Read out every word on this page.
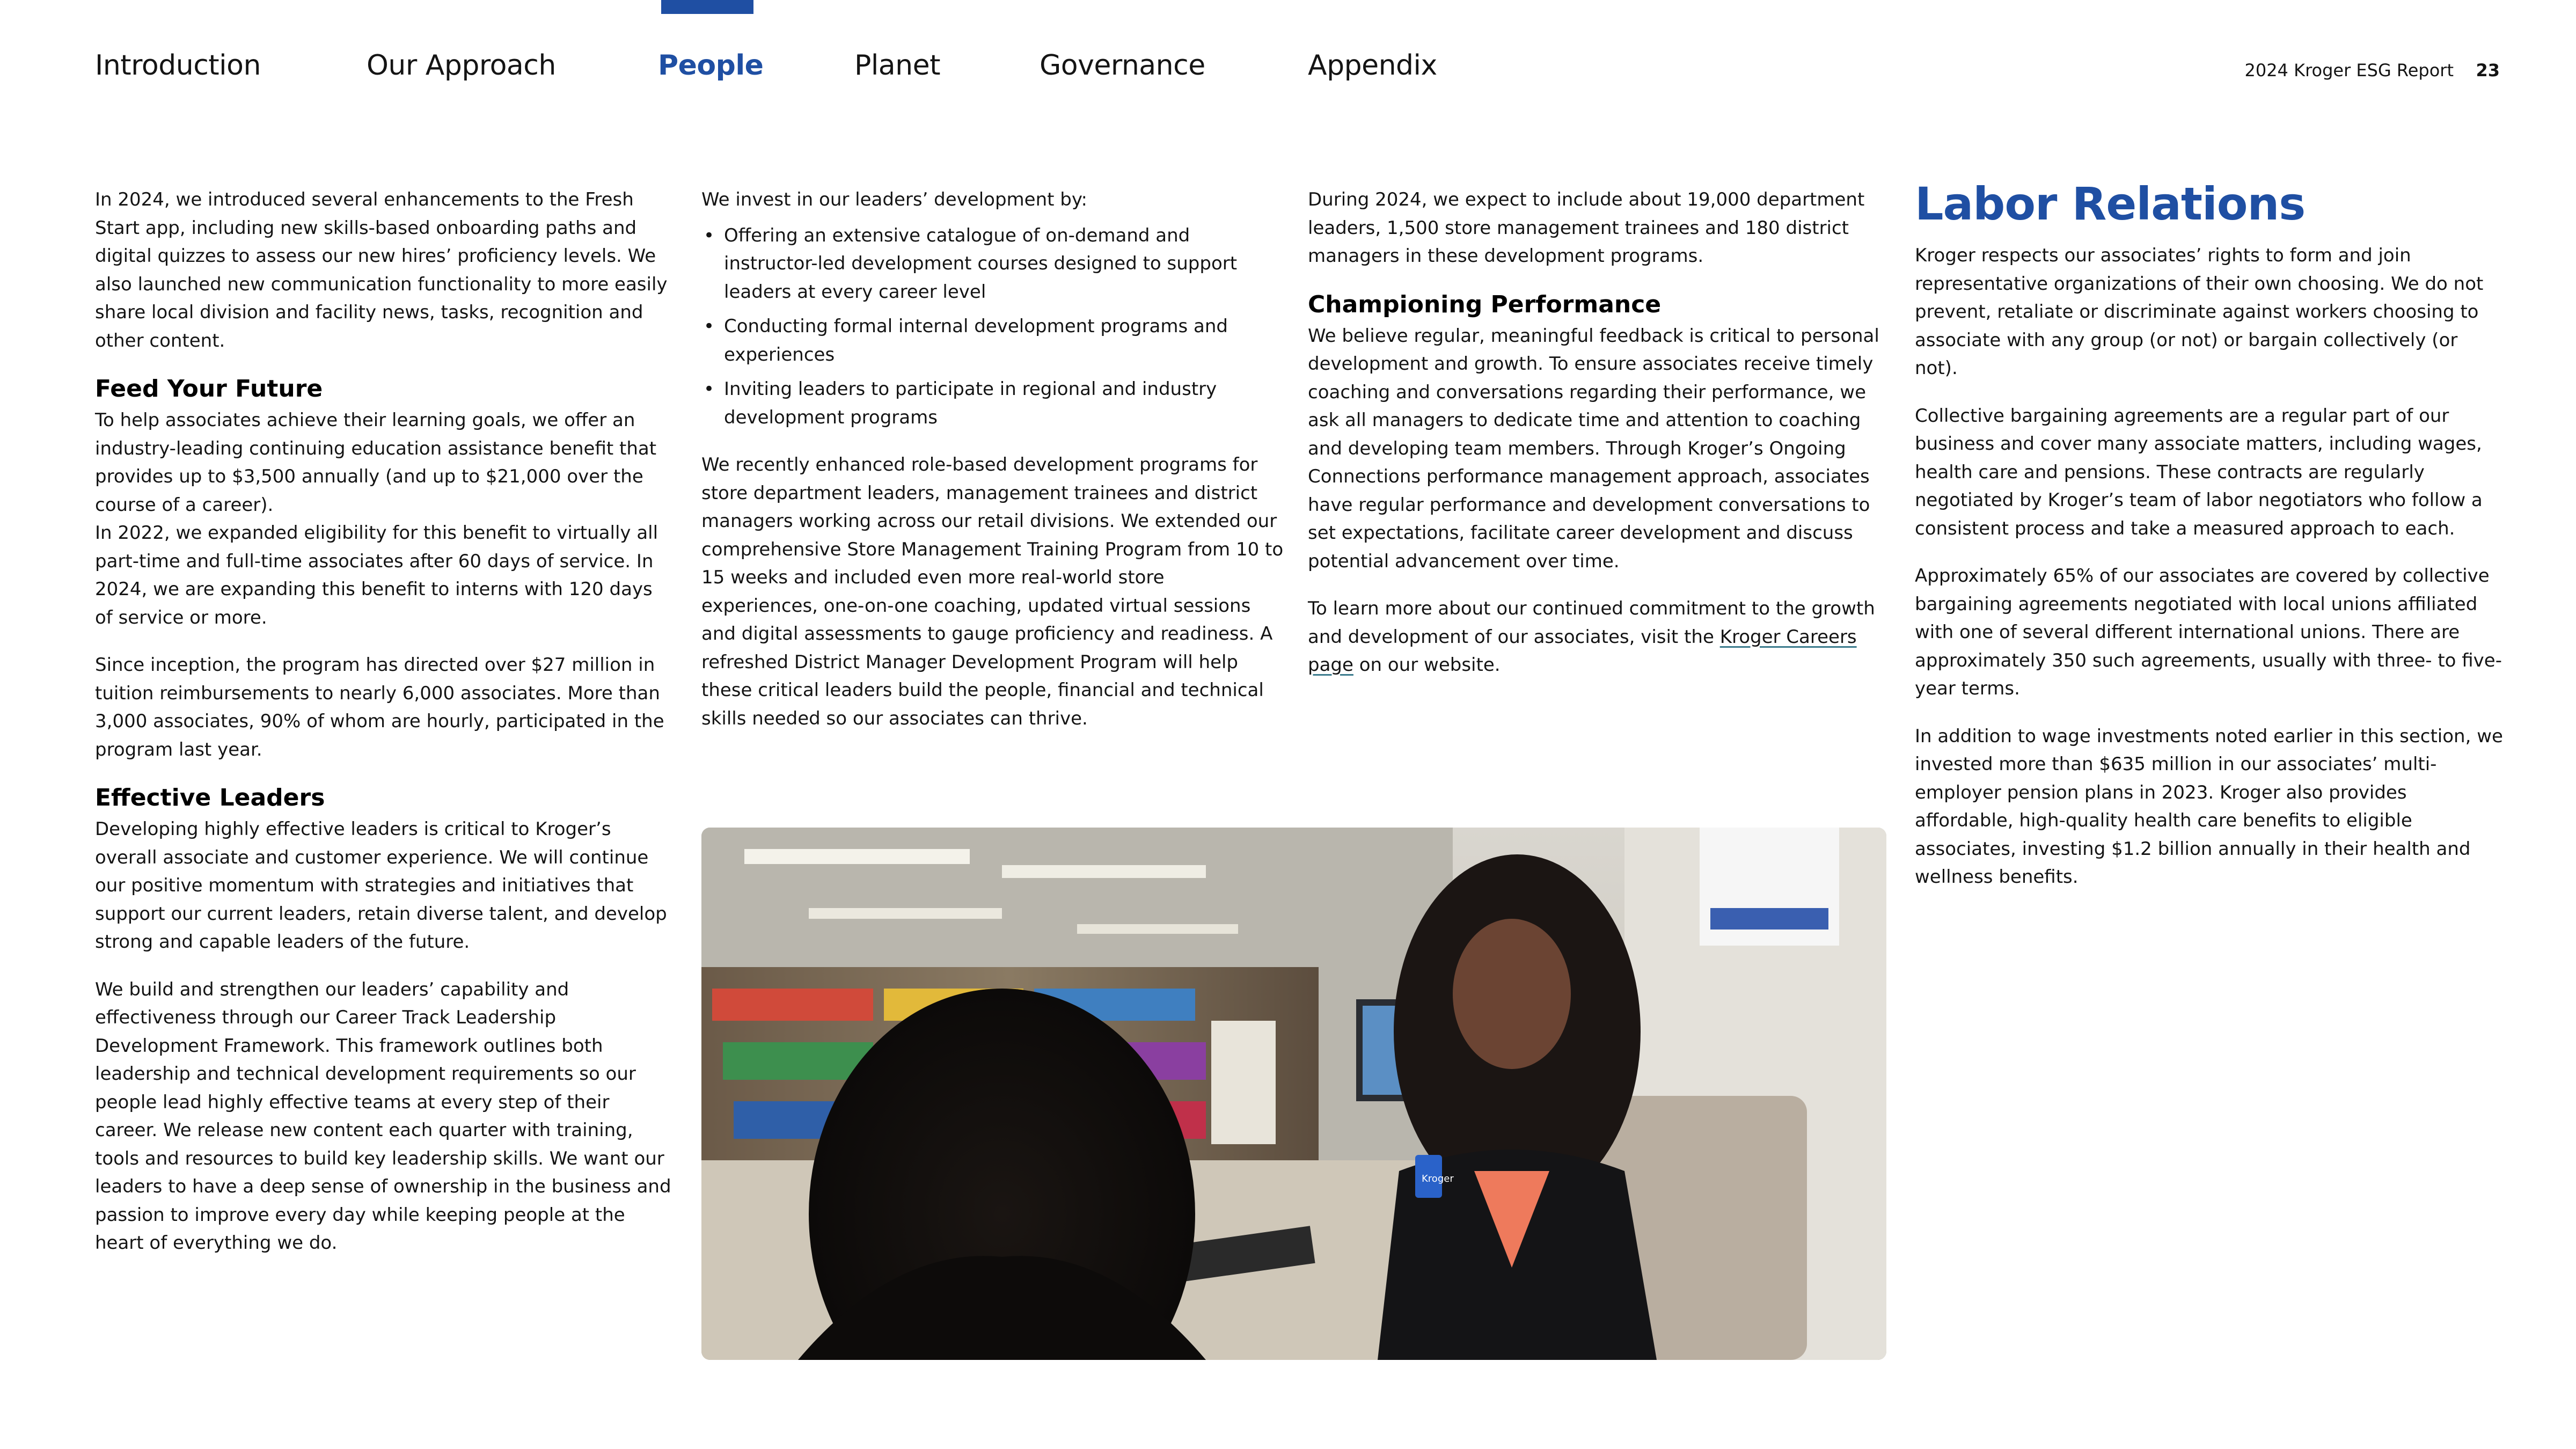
Introduction	Our Approach	People	Planet	Governance	Appendix	2024 Kroger ESG Report 23

In 2024, we introduced several enhancements to the Fresh Start app, including new skills-based onboarding paths and digital quizzes to assess our new hires’ proficiency levels. We also launched new communication functionality to more easily share local division and facility news, tasks, recognition and other content.

Feed Your Future

To help associates achieve their learning goals, we offer an industry-leading continuing education assistance benefit that provides up to $3,500 annually (and up to $21,000 over the course of a career).

In 2022, we expanded eligibility for this benefit to virtually all part-time and full-time associates after 60 days of service. In 2024, we are expanding this benefit to interns with 120 days of service or more.

Since inception, the program has directed over $27 million in tuition reimbursements to nearly 6,000 associates. More than 3,000 associates, 90% of whom are hourly, participated in the program last year.

Effective Leaders

Developing highly effective leaders is critical to Kroger’s overall associate and customer experience. We will continue our positive momentum with strategies and initiatives that support our current leaders, retain diverse talent, and develop strong and capable leaders of the future.

We build and strengthen our leaders’ capability and effectiveness through our Career Track Leadership Development Framework. This framework outlines both leadership and technical development requirements so our people lead highly effective teams at every step of their career. We release new content each quarter with training, tools and resources to build key leadership skills. We want our leaders to have a deep sense of ownership in the business and passion to improve every day while keeping people at the heart of everything we do.

We invest in our leaders’ development by:

• Offering an extensive catalogue of on-demand and instructor-led development courses designed to support leaders at every career level
• Conducting formal internal development programs and experiences
• Inviting leaders to participate in regional and industry development programs

We recently enhanced role-based development programs for store department leaders, management trainees and district managers working across our retail divisions. We extended our comprehensive Store Management Training Program from 10 to 15 weeks and included even more real-world store experiences, one-on-one coaching, updated virtual sessions and digital assessments to gauge proficiency and readiness. A refreshed District Manager Development Program will help these critical leaders build the people, financial and technical skills needed so our associates can thrive.

During 2024, we expect to include about 19,000 department leaders, 1,500 store management trainees and 180 district managers in these development programs.

Championing Performance

We believe regular, meaningful feedback is critical to personal development and growth. To ensure associates receive timely coaching and conversations regarding their performance, we ask all managers to dedicate time and attention to coaching and developing team members. Through Kroger’s Ongoing Connections performance management approach, associates have regular performance and development conversations to set expectations, facilitate career development and discuss potential advancement over time.

To learn more about our continued commitment to the growth and development of our associates, visit the Kroger Careers page on our website.

Labor Relations

Kroger respects our associates’ rights to form and join representative organizations of their own choosing. We do not prevent, retaliate or discriminate against workers choosing to associate with any group (or not) or bargain collectively (or not).

Collective bargaining agreements are a regular part of our business and cover many associate matters, including wages, health care and pensions. These contracts are regularly negotiated by Kroger’s team of labor negotiators who follow a consistent process and take a measured approach to each.

Approximately 65% of our associates are covered by collective bargaining agreements negotiated with local unions affiliated with one of several different international unions. There are approximately 350 such agreements, usually with three- to five-year terms.

In addition to wage investments noted earlier in this section, we invested more than $635 million in our associates’ multi-employer pension plans in 2023. Kroger also provides affordable, high-quality health care benefits to eligible associates, investing $1.2 billion annually in their health and wellness benefits.

Kroger
